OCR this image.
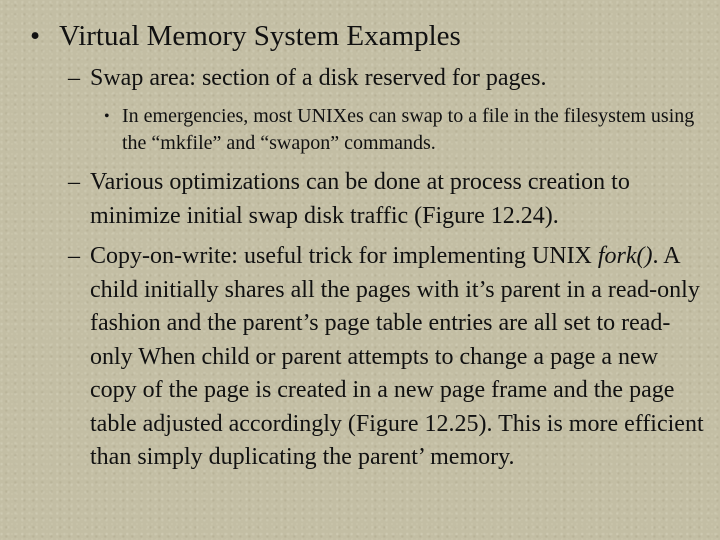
• Virtual Memory System Examples
– Swap area: section of a disk reserved for pages.
• In emergencies, most UNIXes can swap to a file in the filesystem using the “mkfile” and “swapon” commands.
– Various optimizations can be done at process creation to minimize initial swap disk traffic (Figure 12.24).
– Copy-on-write: useful trick for implementing UNIX fork(). A child initially shares all the pages with it’s parent in a read-only fashion and the parent’s page table entries are all set to read-only When child or parent attempts to change a page a new copy of the page is created in a new page frame and the page table adjusted accordingly (Figure 12.25). This is more efficient than simply duplicating the parent’ memory.
